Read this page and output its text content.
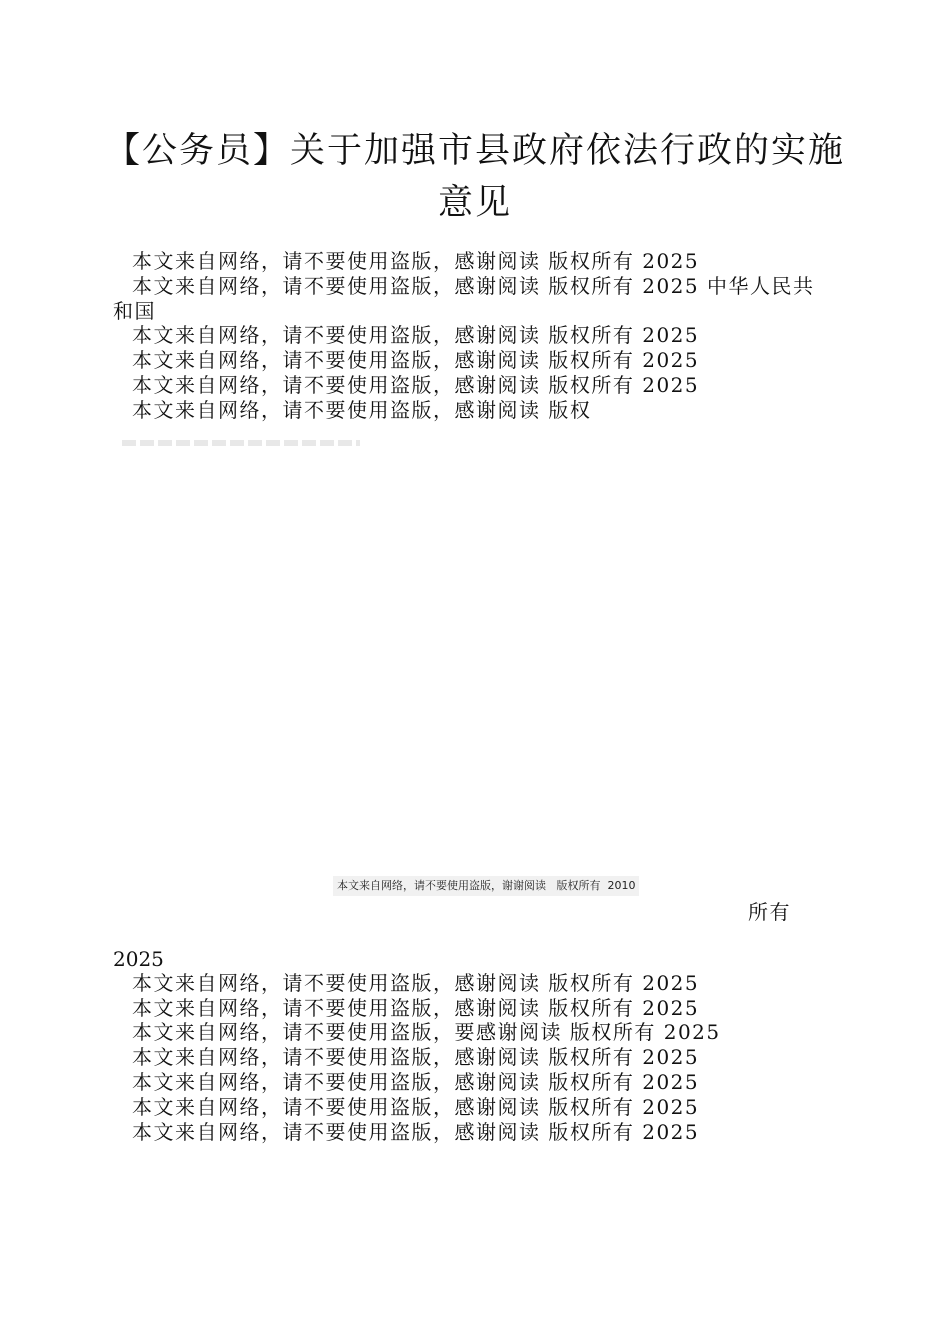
【公务员】关于加强市县政府依法行政的实施
意见

本文来自网络，请不要使用盗版，感谢阅读 版权所有 2025

本文来自网络，请不要使用盗版，感谢阅读 版权所有 2025 中华人民共

和国

本文来自网络，请不要使用盗版，感谢阅读 版权所有 2025

本文来自网络，请不要使用盗版，感谢阅读 版权所有 2025

本文来自网络，请不要使用盗版，感谢阅读 版权所有 2025

本文来自网络，请不要使用盗版，感谢阅读 版权

本文来自网络，请不要使用盗版，谢谢阅读   版权所有  2010

所有

2025

本文来自网络，请不要使用盗版，感谢阅读 版权所有 2025

本文来自网络，请不要使用盗版，感谢阅读 版权所有 2025

本文来自网络，请不要使用盗版，要感谢阅读 版权所有 2025

本文来自网络，请不要使用盗版，感谢阅读 版权所有 2025

本文来自网络，请不要使用盗版，感谢阅读 版权所有 2025

本文来自网络，请不要使用盗版，感谢阅读 版权所有 2025

本文来自网络，请不要使用盗版，感谢阅读 版权所有 2025
